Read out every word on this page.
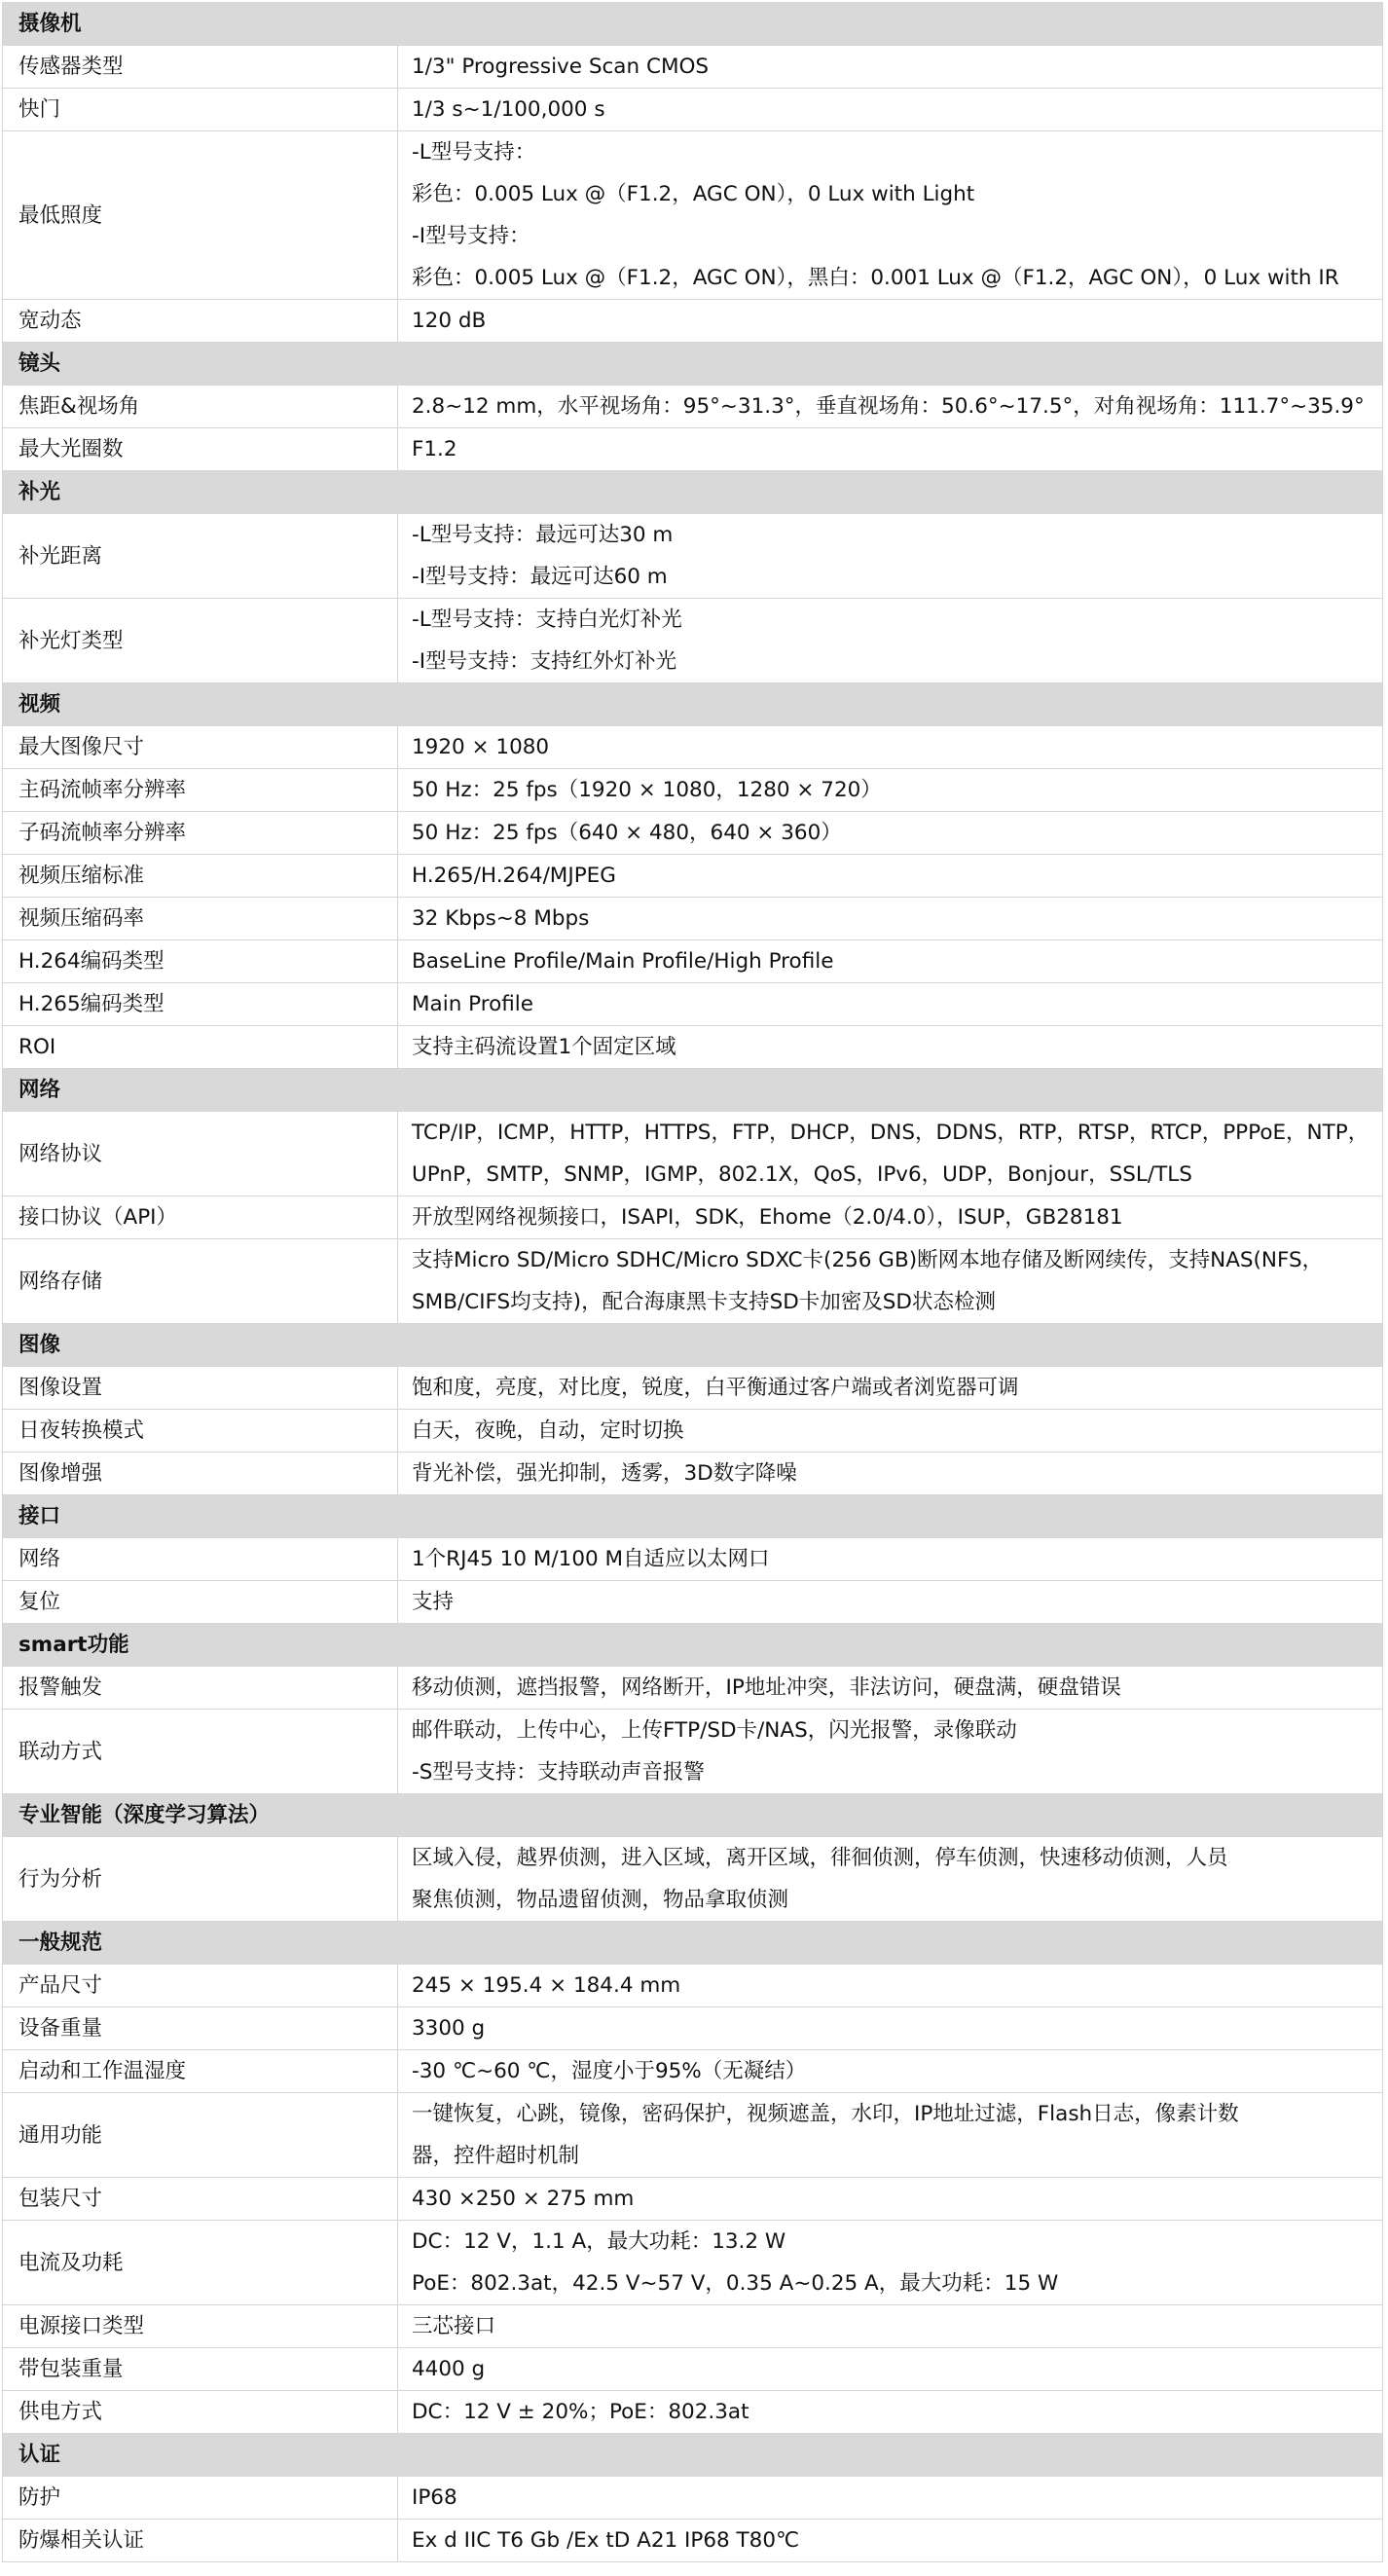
摄像机	
传感器类型	1/3" Progressive Scan CMOS

快门	1/3 s~1/100,000 s

最低照度	-L型号支持：
彩色：0.005 Lux @（F1.2，AGC ON），0 Lux with Light
-I型号支持：
彩色：0.005 Lux @（F1.2，AGC ON），黑白：0.001 Lux @（F1.2，AGC ON），0 Lux with IR

宽动态	120 dB

镜头	
焦距&视场角	2.8~12 mm，水平视场角：95°~31.3°，垂直视场角：50.6°~17.5°，对角视场角：111.7°~35.9°

最大光圈数	F1.2

补光	
补光距离	-L型号支持：最远可达30 m
-I型号支持：最远可达60 m

补光灯类型	-L型号支持：支持白光灯补光
-I型号支持：支持红外灯补光

视频	
最大图像尺寸	1920 × 1080

主码流帧率分辨率	50 Hz：25 fps（1920 × 1080，1280 × 720）

子码流帧率分辨率	50 Hz：25 fps（640 × 480，640 × 360）

视频压缩标准	H.265/H.264/MJPEG

视频压缩码率	32 Kbps~8 Mbps

H.264编码类型	BaseLine Profile/Main Profile/High Profile

H.265编码类型	Main Profile

ROI	支持主码流设置1个固定区域

网络	
网络协议	TCP/IP，ICMP，HTTP，HTTPS，FTP，DHCP，DNS，DDNS，RTP，RTSP，RTCP，PPPoE，NTP，
UPnP，SMTP，SNMP，IGMP，802.1X，QoS，IPv6，UDP，Bonjour，SSL/TLS

接口协议（API）	开放型网络视频接口，ISAPI，SDK，Ehome（2.0/4.0），ISUP，GB28181

网络存储	支持Micro SD/Micro SDHC/Micro SDXC卡(256 GB)断网本地存储及断网续传，支持NAS(NFS，
SMB/CIFS均支持)，配合海康黑卡支持SD卡加密及SD状态检测

图像	
图像设置	饱和度，亮度，对比度，锐度，白平衡通过客户端或者浏览器可调

日夜转换模式	白天，夜晚，自动，定时切换

图像增强	背光补偿，强光抑制，透雾，3D数字降噪

接口	
网络	1个RJ45 10 M/100 M自适应以太网口

复位	支持

smart功能	
报警触发	移动侦测，遮挡报警，网络断开，IP地址冲突，非法访问，硬盘满，硬盘错误

联动方式	邮件联动，上传中心，上传FTP/SD卡/NAS，闪光报警，录像联动
-S型号支持：支持联动声音报警

专业智能（深度学习算法）	
行为分析	区域入侵，越界侦测，进入区域，离开区域，徘徊侦测，停车侦测，快速移动侦测，人员
聚焦侦测，物品遗留侦测，物品拿取侦测

一般规范	
产品尺寸	245 × 195.4 × 184.4 mm

设备重量	3300 g

启动和工作温湿度	-30 ℃~60 ℃，湿度小于95%（无凝结）

通用功能	一键恢复，心跳，镜像，密码保护，视频遮盖，水印，IP地址过滤，Flash日志，像素计数
器，控件超时机制

包装尺寸	430 ×250 × 275 mm

电流及功耗	DC：12 V，1.1 A，最大功耗：13.2 W
PoE：802.3at，42.5 V~57 V，0.35 A~0.25 A，最大功耗：15 W

电源接口类型	三芯接口

带包装重量	4400 g

供电方式	DC：12 V ± 20%；PoE：802.3at

认证	
防护	IP68

防爆相关认证	Ex d IIC T6 Gb /Ex tD A21 IP68 T80℃
